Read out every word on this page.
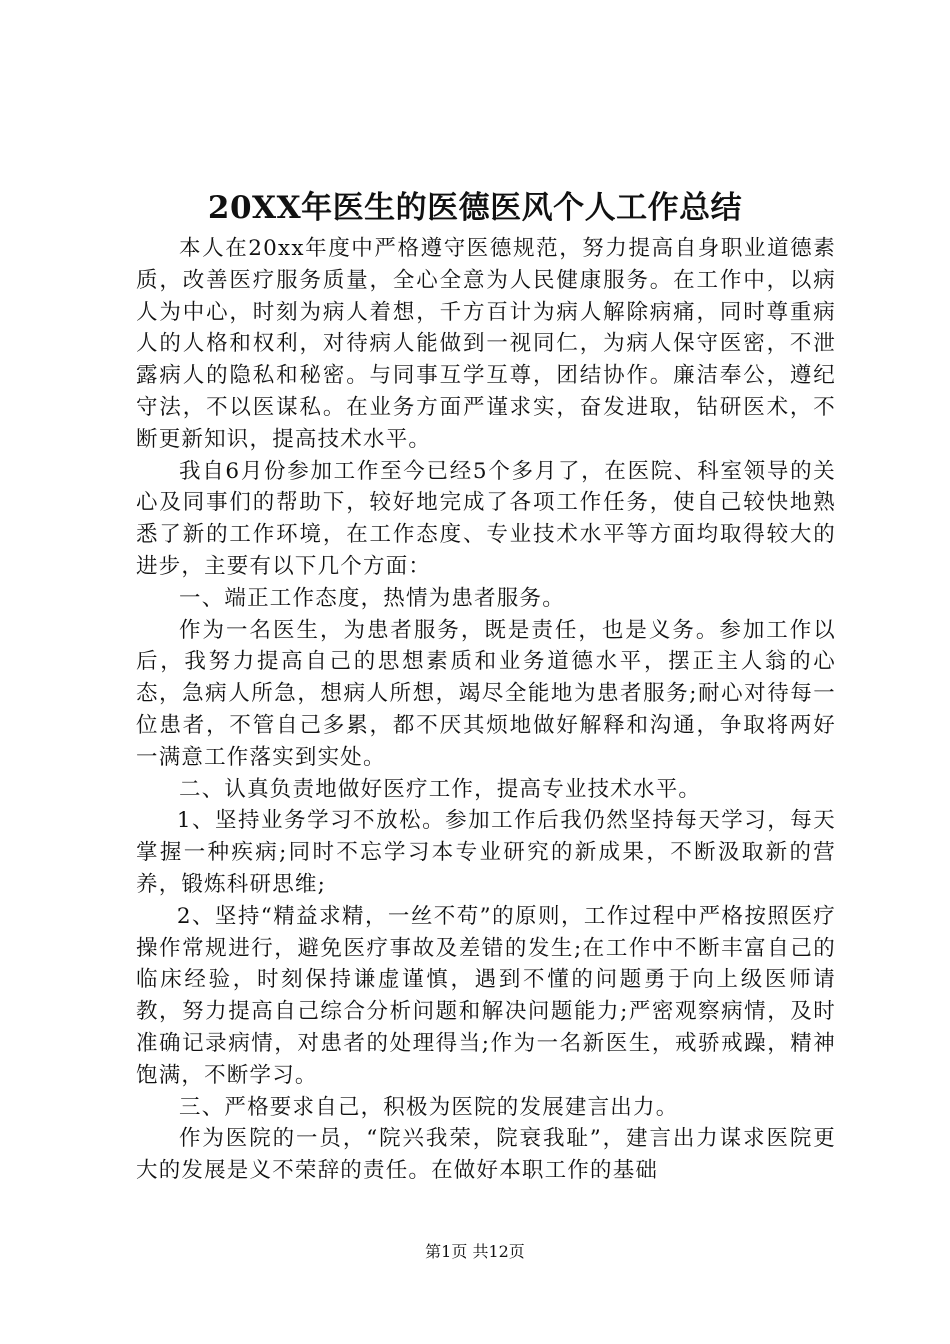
20XX年医生的医德医风个人工作总结

本人在20xx年度中严格遵守医德规范，努力提高自身职业道德素质，改善医疗服务质量，全心全意为人民健康服务。在工作中，以病人为中心，时刻为病人着想，千方百计为病人解除病痛，同时尊重病人的人格和权利，对待病人能做到一视同仁，为病人保守医密，不泄露病人的隐私和秘密。与同事互学互尊，团结协作。廉洁奉公，遵纪守法，不以医谋私。在业务方面严谨求实，奋发进取，钻研医术，不断更新知识，提高技术水平。

我自6月份参加工作至今已经5个多月了，在医院、科室领导的关心及同事们的帮助下，较好地完成了各项工作任务，使自己较快地熟悉了新的工作环境，在工作态度、专业技术水平等方面均取得较大的进步，主要有以下几个方面：

一、端正工作态度，热情为患者服务。

作为一名医生，为患者服务，既是责任，也是义务。参加工作以后，我努力提高自己的思想素质和业务道德水平，摆正主人翁的心态，急病人所急，想病人所想，竭尽全能地为患者服务;耐心对待每一位患者，不管自己多累，都不厌其烦地做好解释和沟通，争取将两好一满意工作落实到实处。

二、认真负责地做好医疗工作，提高专业技术水平。

1、坚持业务学习不放松。参加工作后我仍然坚持每天学习，每天掌握一种疾病;同时不忘学习本专业研究的新成果，不断汲取新的营养，锻炼科研思维;

2、坚持“精益求精，一丝不苟”的原则，工作过程中严格按照医疗操作常规进行，避免医疗事故及差错的发生;在工作中不断丰富自己的临床经验，时刻保持谦虚谨慎，遇到不懂的问题勇于向上级医师请教，努力提高自己综合分析问题和解决问题能力;严密观察病情，及时准确记录病情，对患者的处理得当;作为一名新医生，戒骄戒躁，精神饱满，不断学习。

三、严格要求自己，积极为医院的发展建言出力。

作为医院的一员，“院兴我荣，院衰我耻”，建言出力谋求医院更大的发展是义不荣辞的责任。在做好本职工作的基础

第1页 共12页
